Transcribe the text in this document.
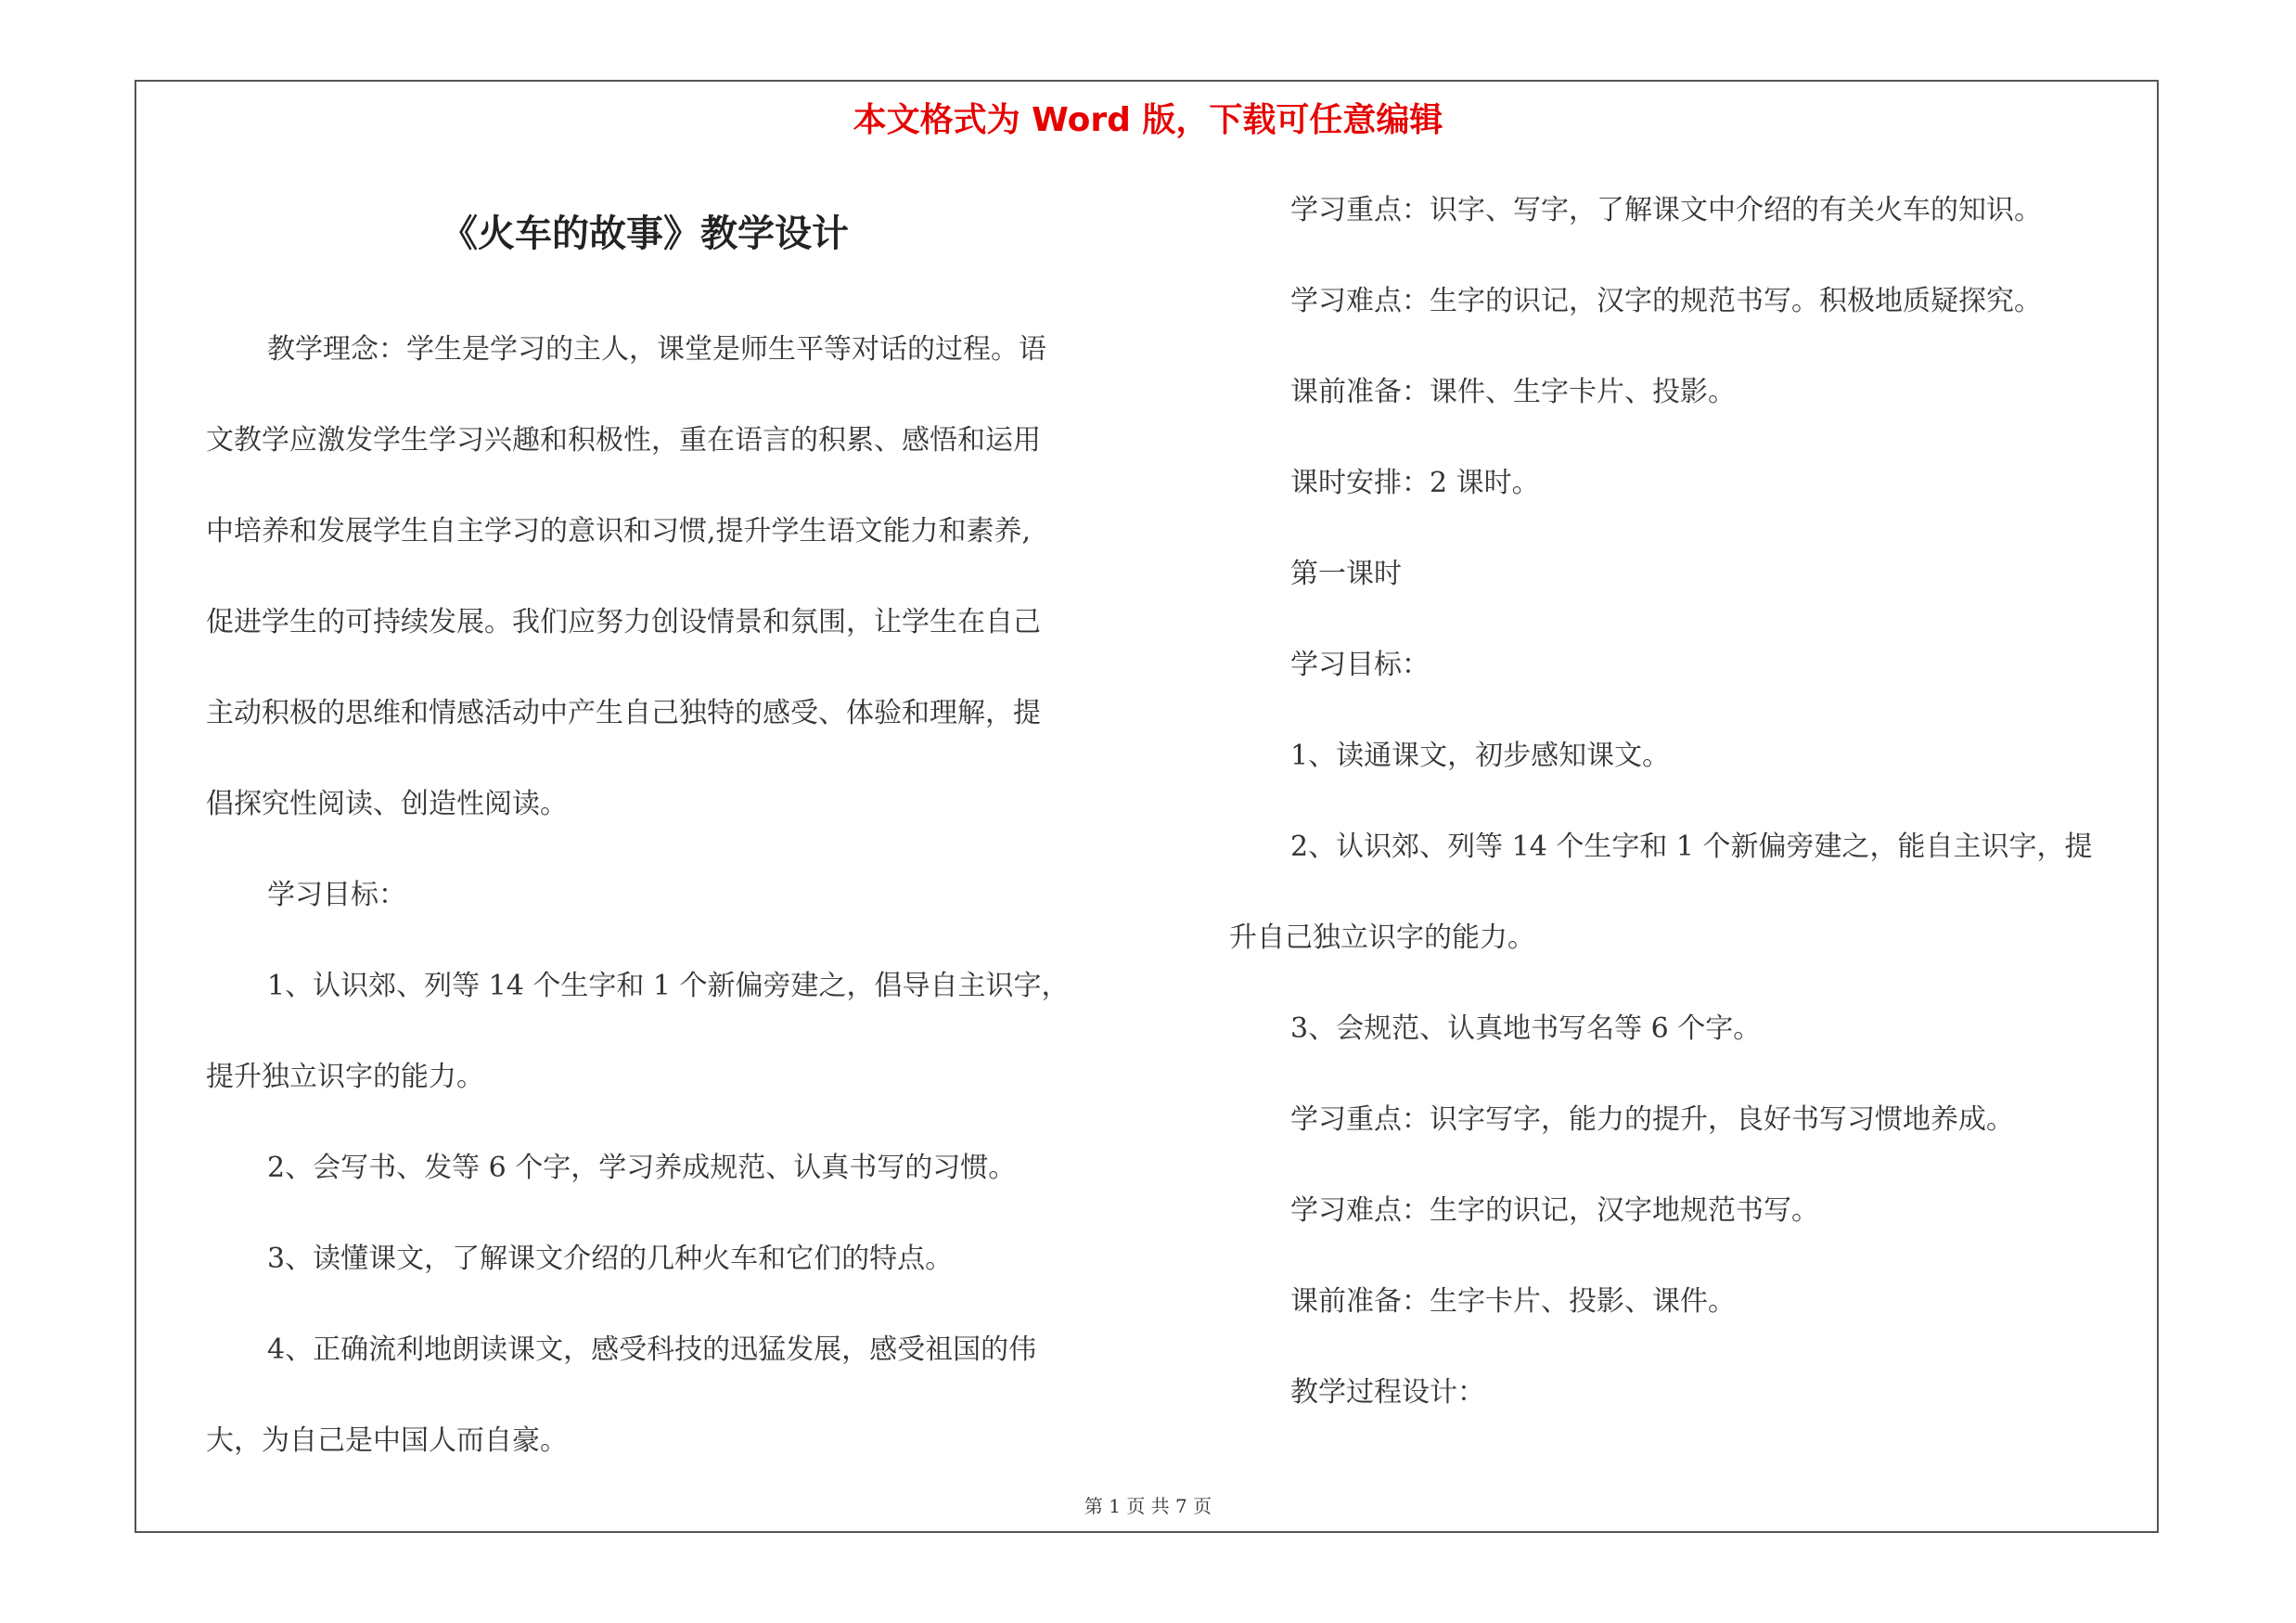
本文格式为 Word 版，下载可任意编辑
《火车的故事》教学设计
教学理念：学生是学习的主人，课堂是师生平等对话的过程。语
文教学应激发学生学习兴趣和积极性，重在语言的积累、感悟和运用
中培养和发展学生自主学习的意识和习惯,提升学生语文能力和素养,
促进学生的可持续发展。我们应努力创设情景和氛围，让学生在自己
主动积极的思维和情感活动中产生自己独特的感受、体验和理解，提
倡探究性阅读、创造性阅读。
学习目标：
1、认识郊、列等 14 个生字和 1 个新偏旁建之，倡导自主识字，
提升独立识字的能力。
2、会写书、发等 6 个字，学习养成规范、认真书写的习惯。
3、读懂课文，了解课文介绍的几种火车和它们的特点。
4、正确流利地朗读课文，感受科技的迅猛发展，感受祖国的伟
大，为自己是中国人而自豪。
学习重点：识字、写字，了解课文中介绍的有关火车的知识。
学习难点：生字的识记，汉字的规范书写。积极地质疑探究。
课前准备：课件、生字卡片、投影。
课时安排：2 课时。
第一课时
学习目标：
1、读通课文，初步感知课文。
2、认识郊、列等 14 个生字和 1 个新偏旁建之，能自主识字，提
升自己独立识字的能力。
3、会规范、认真地书写名等 6 个字。
学习重点：识字写字，能力的提升，良好书写习惯地养成。
学习难点：生字的识记，汉字地规范书写。
课前准备：生字卡片、投影、课件。
教学过程设计：
第 1 页 共 7 页
